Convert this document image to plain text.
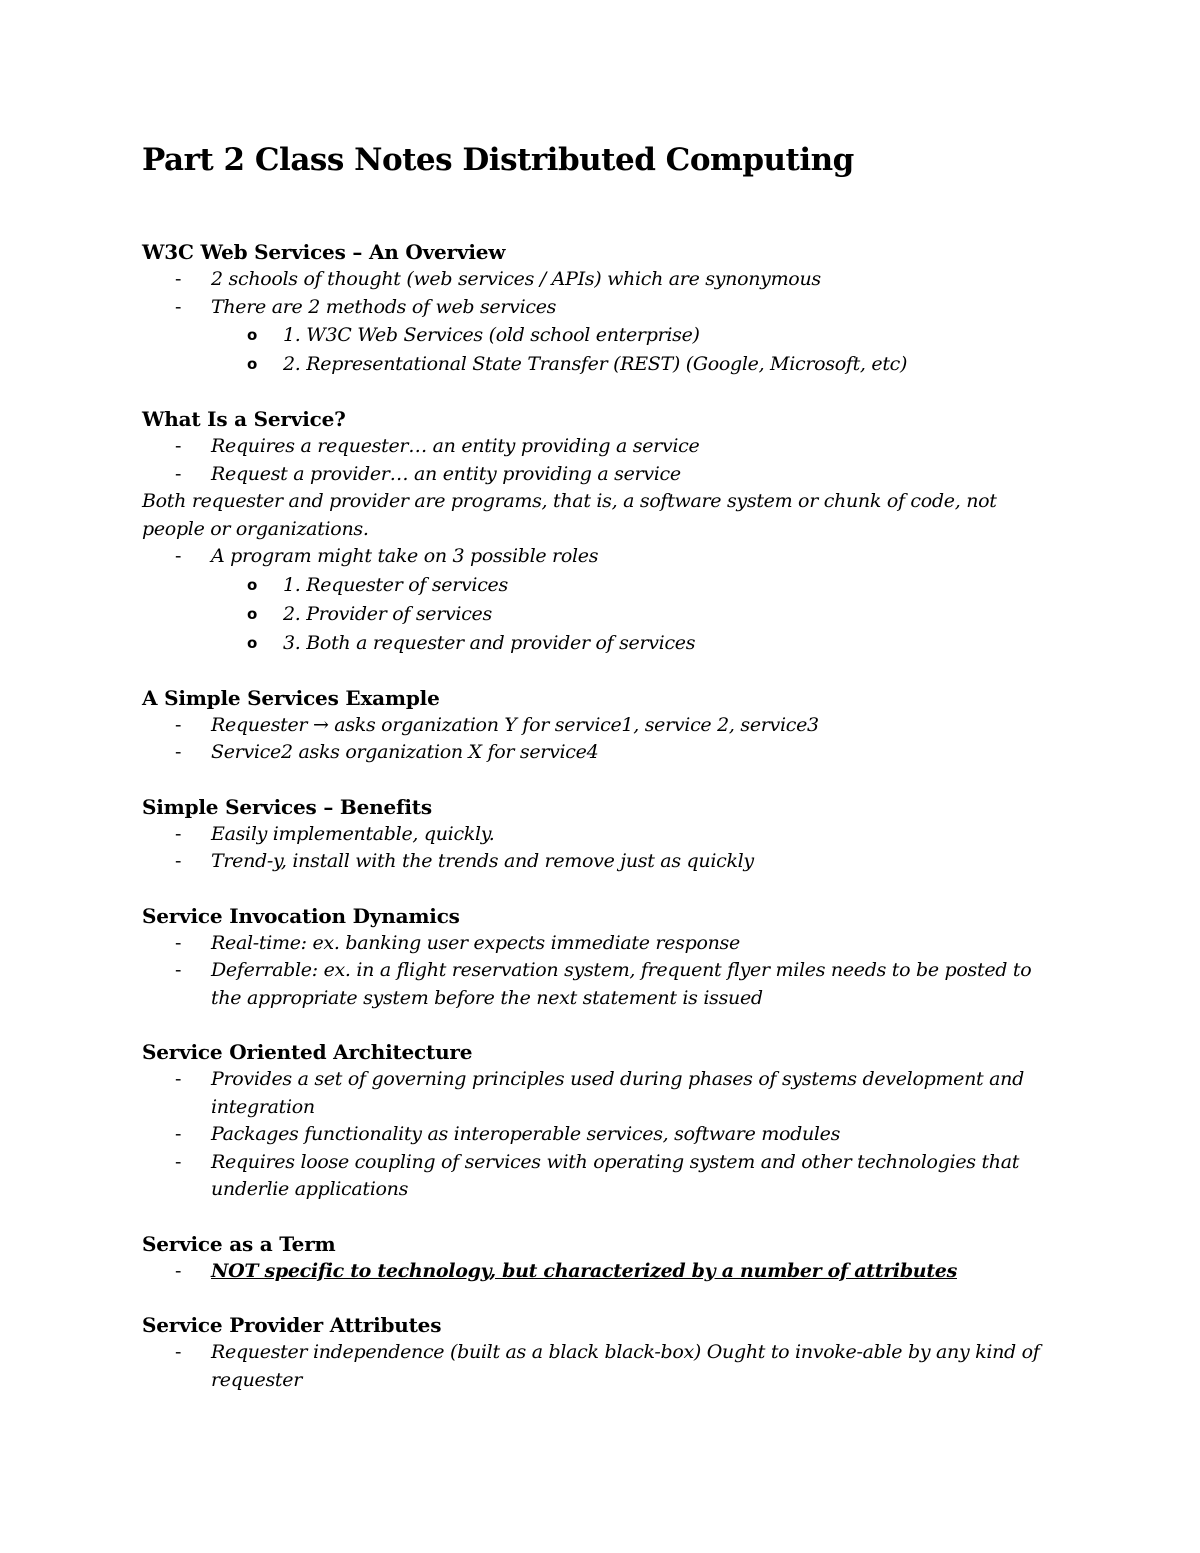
Part 2 Class Notes Distributed Computing
W3C Web Services – An Overview
- 2 schools of thought (web services / APIs) which are synonymous
- There are 2 methods of web services
o 1. W3C Web Services (old school enterprise)
o 2. Representational State Transfer (REST) (Google, Microsoft, etc)
What Is a Service?
- Requires a requester… an entity providing a service
- Request a provider… an entity providing a service
Both requester and provider are programs, that is, a software system or chunk of code, not
people or organizations.
- A program might take on 3 possible roles
o 1. Requester of services
o 2. Provider of services
o 3. Both a requester and provider of services
A Simple Services Example
- Requester → asks organization Y for service1, service 2, service3
- Service2 asks organization X for service4
Simple Services – Benefits
- Easily implementable, quickly.
- Trend-y, install with the trends and remove just as quickly
Service Invocation Dynamics
- Real-time: ex. banking user expects immediate response
- Deferrable: ex. in a flight reservation system, frequent flyer miles needs to be posted to the appropriate system before the next statement is issued
Service Oriented Architecture
- Provides a set of governing principles used during phases of systems development and integration
- Packages functionality as interoperable services, software modules
- Requires loose coupling of services with operating system and other technologies that underlie applications
Service as a Term
- NOT specific to technology, but characterized by a number of attributes
Service Provider Attributes
- Requester independence (built as a black black-box) Ought to invoke-able by any kind of requester
